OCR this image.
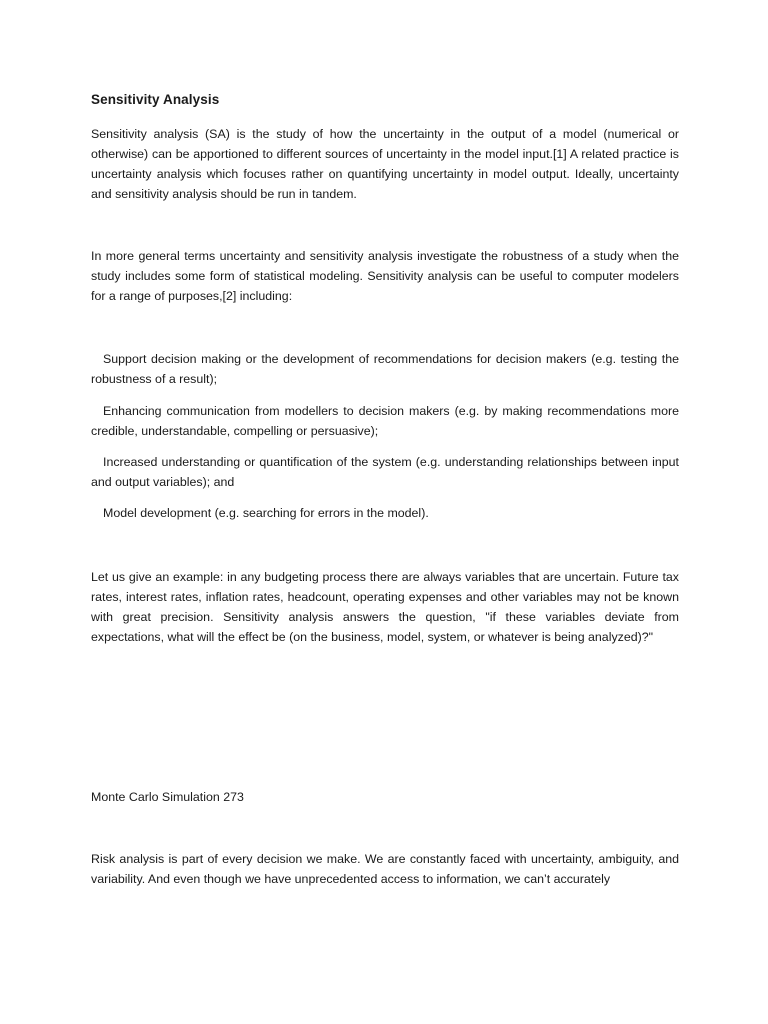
Sensitivity Analysis

Sensitivity analysis (SA) is the study of how the uncertainty in the output of a model (numerical or otherwise) can be apportioned to different sources of uncertainty in the model input.[1] A related practice is uncertainty analysis which focuses rather on quantifying uncertainty in model output. Ideally, uncertainty and sensitivity analysis should be run in tandem.

In more general terms uncertainty and sensitivity analysis investigate the robustness of a study when the study includes some form of statistical modeling. Sensitivity analysis can be useful to computer modelers for a range of purposes,[2] including:

Support decision making or the development of recommendations for decision makers (e.g. testing the robustness of a result);

Enhancing communication from modellers to decision makers (e.g. by making recommendations more credible, understandable, compelling or persuasive);

Increased understanding or quantification of the system (e.g. understanding relationships between input and output variables); and

Model development (e.g. searching for errors in the model).

Let us give an example: in any budgeting process there are always variables that are uncertain. Future tax rates, interest rates, inflation rates, headcount, operating expenses and other variables may not be known with great precision. Sensitivity analysis answers the question, "if these variables deviate from expectations, what will the effect be (on the business, model, system, or whatever is being analyzed)?"

Monte Carlo Simulation 273

Risk analysis is part of every decision we make. We are constantly faced with uncertainty, ambiguity, and variability. And even though we have unprecedented access to information, we can’t accurately
